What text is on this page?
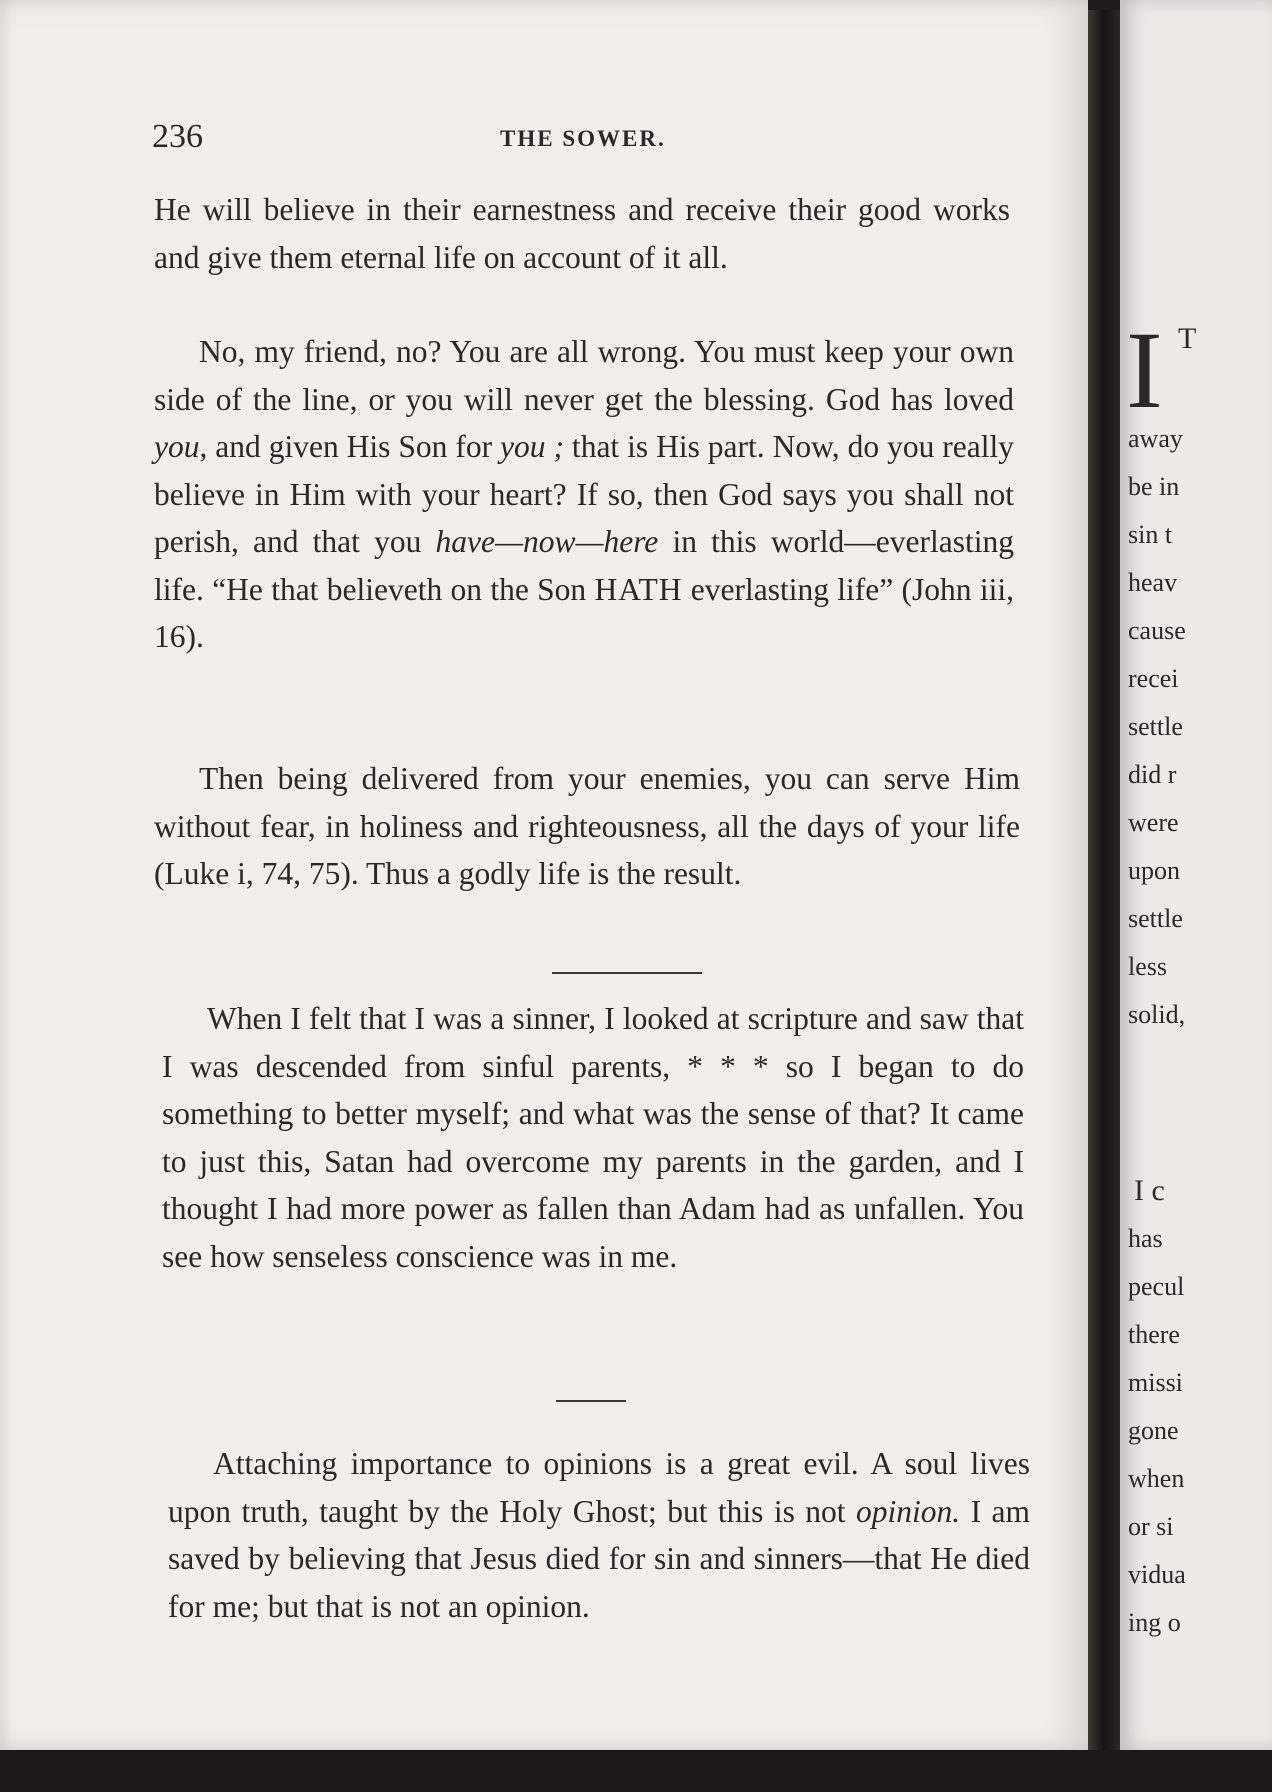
236	THE SOWER.

He will believe in their earnestness and receive their good works and give them eternal life on account of it all.

No, my friend, no? You are all wrong. You must keep your own side of the line, or you will never get the blessing. God has loved you, and given His Son for you ; that is His part. Now, do you really believe in Him with your heart? If so, then God says you shall not perish, and that you have—now—here in this world—everlasting life. “He that believeth on the Son HATH everlasting life” (John iii, 16).

Then being delivered from your enemies, you can serve Him without fear, in holiness and righteousness, all the days of your life (Luke i, 74, 75). Thus a godly life is the result.

When I felt that I was a sinner, I looked at scripture and saw that I was descended from sinful parents, * * * so I began to do something to better myself; and what was the sense of that? It came to just this, Satan had overcome my parents in the garden, and I thought I had more power as fallen than Adam had as unfallen. You see how senseless conscience was in me.

Attaching importance to opinions is a great evil. A soul lives upon truth, taught by the Holy Ghost; but this is not opinion. I am saved by believing that Jesus died for sin and sinners—that He died for me; but that is not an opinion.

I T
away
be in
sin t
heav
cause
recei
settle
did r
were
upon
settle
less
solid,
I c
has
pecul
there
missi
gone
when
or si
vidua
ing o
